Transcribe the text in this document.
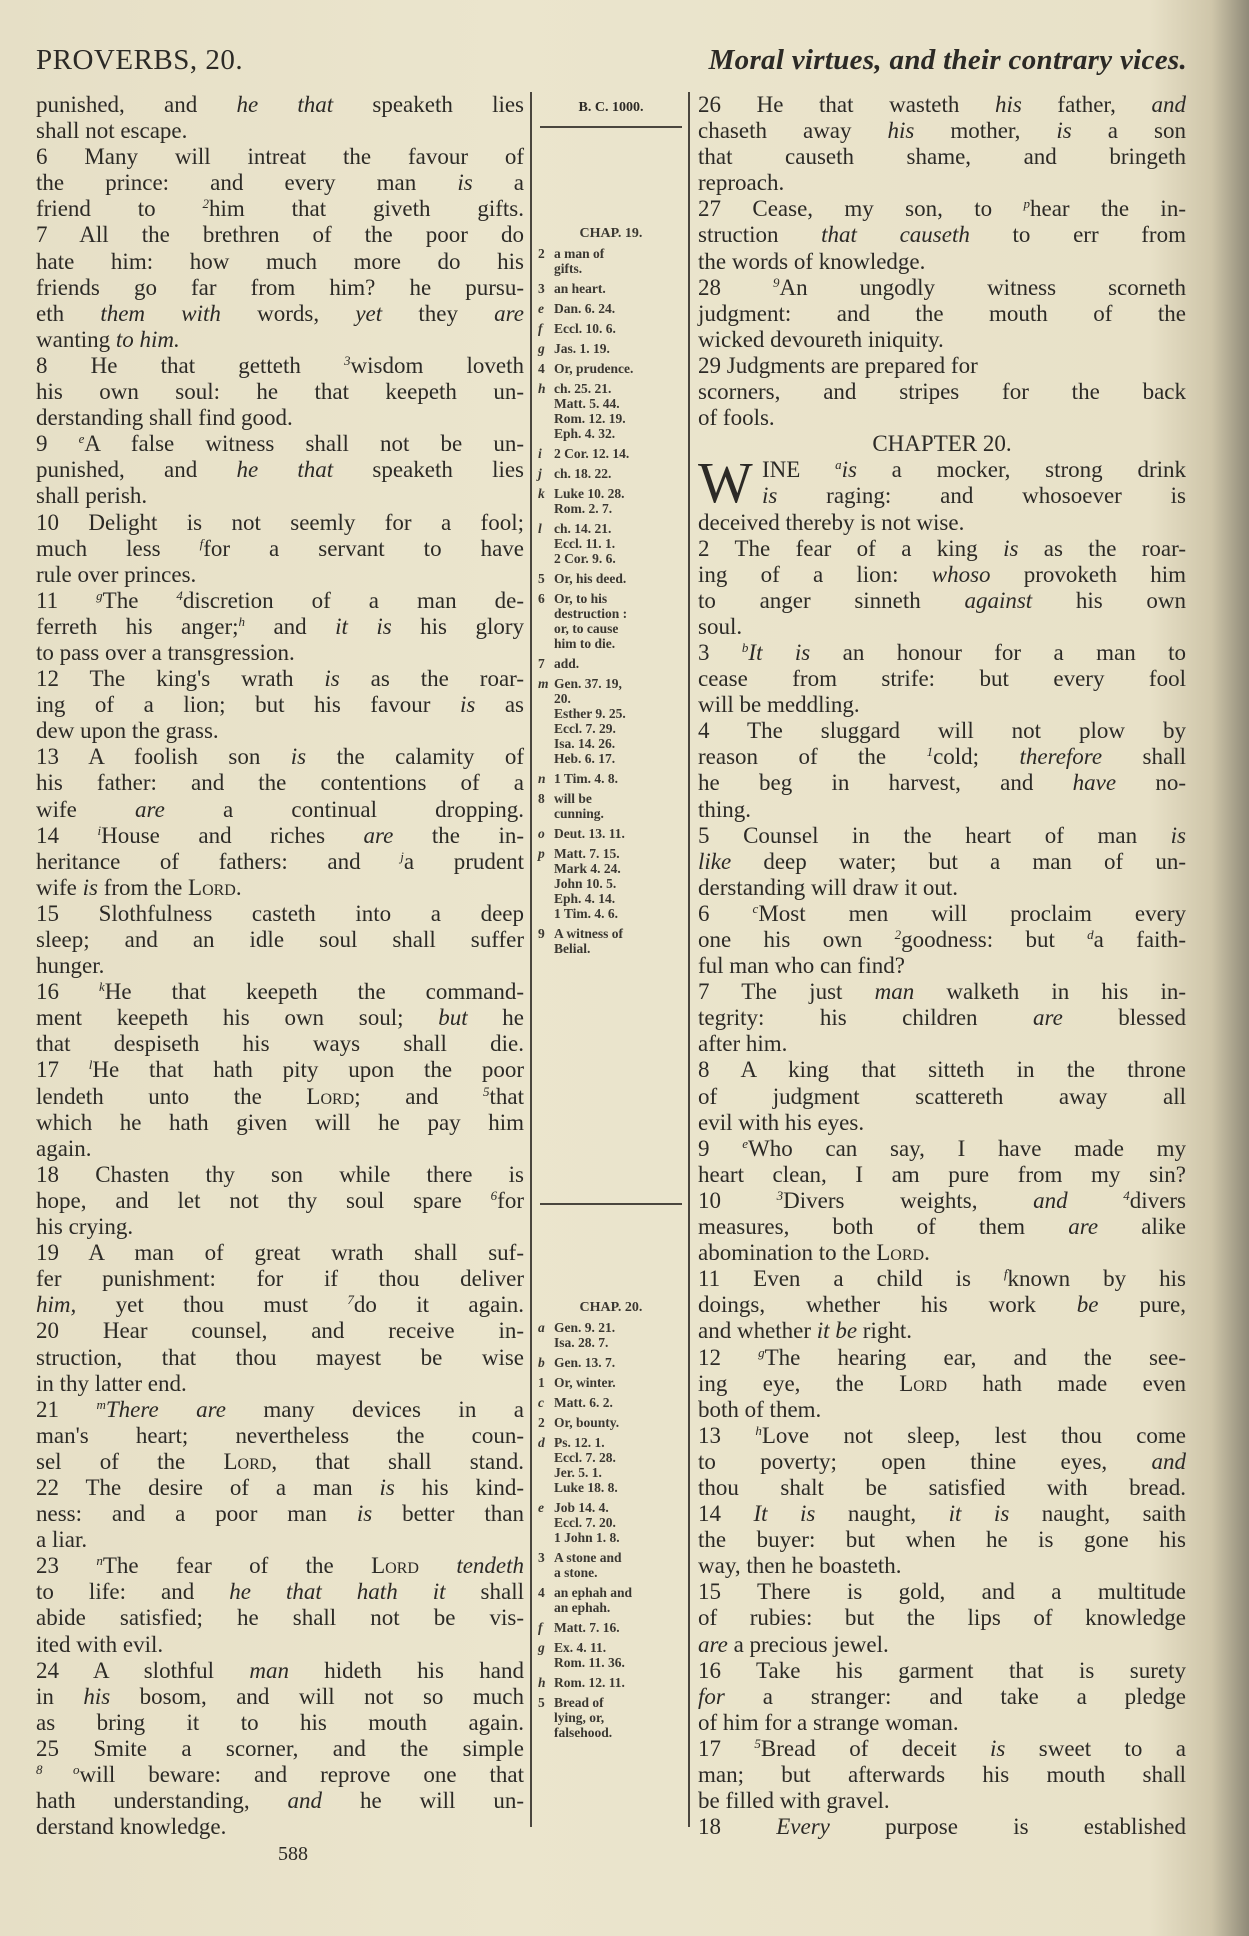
PROVERBS, 20.	Moral virtues, and their contrary vices.
punished, and he that speaketh lies
shall not escape.
6 Many will intreat the favour of
the prince: and every man is a
friend to $^2$him that giveth gifts.
7 All the brethren of the poor do
hate him: how much more do his
friends go far from him? he pursu-
eth them with words, yet they are
wanting to him.
8 He that getteth $^3$wisdom loveth
his own soul: he that keepeth un-
derstanding shall find good.
9 $^e$A false witness shall not be un-
punished, and he that speaketh lies
shall perish.
10 Delight is not seemly for a fool;
much less $^f$for a servant to have
rule over princes.
11 $^g$The $^4$discretion of a man de-
ferreth his anger;$^h$ and it is his glory
to pass over a transgression.
12 The king's wrath is as the roar-
ing of a lion; but his favour is as
dew upon the grass.
13 A foolish son is the calamity of
his father: and the contentions of a
wife are a continual dropping.
14 $^i$House and riches are the in-
heritance of fathers: and $^j$a prudent
wife is from the Lord.
15 Slothfulness casteth into a deep
sleep; and an idle soul shall suffer
hunger.
16 $^k$He that keepeth the command-
ment keepeth his own soul; but he
that despiseth his ways shall die.
17 $^l$He that hath pity upon the poor
lendeth unto the Lord; and $^5$that
which he hath given will he pay him
again.
18 Chasten thy son while there is
hope, and let not thy soul spare $^6$for
his crying.
19 A man of great wrath shall suf-
fer punishment: for if thou deliver
him, yet thou must $^7$do it again.
20 Hear counsel, and receive in-
struction, that thou mayest be wise
in thy latter end.
21 $^m$There are many devices in a
man's heart; nevertheless the coun-
sel of the Lord, that shall stand.
22 The desire of a man is his kind-
ness: and a poor man is better than
a liar.
23 $^n$The fear of the Lord tendeth
to life: and he that hath it shall
abide satisfied; he shall not be vis-
ited with evil.
24 A slothful man hideth his hand
in his bosom, and will not so much
as bring it to his mouth again.
25 Smite a scorner, and the simple
$^{8 o}$will beware: and reprove one that
hath understanding, and he will un-
derstand knowledge.
26 He that wasteth his father, and
chaseth away his mother, is a son
that causeth shame, and bringeth
reproach.
27 Cease, my son, to $^p$hear the in-
struction that causeth to err from
the words of knowledge.
28 $^9$An ungodly witness scorneth
judgment: and the mouth of the
wicked devoureth iniquity.
29 Judgments are prepared for
scorners, and stripes for the back
of fools.
CHAPTER 20.
W INE $^a$is a mocker, strong drink
is raging: and whosoever is
deceived thereby is not wise.
2 The fear of a king is as the roar-
ing of a lion: whoso provoketh him
to anger sinneth against his own
soul.
3 $^b$It is an honour for a man to
cease from strife: but every fool
will be meddling.
4 The sluggard will not plow by
reason of the $^1$cold; therefore shall
he beg in harvest, and have no-
thing.
5 Counsel in the heart of man is
like deep water; but a man of un-
derstanding will draw it out.
6 $^c$Most men will proclaim every
one his own $^2$goodness: but $^d$a faith-
ful man who can find?
7 The just man walketh in his in-
tegrity: his children are blessed
after him.
8 A king that sitteth in the throne
of judgment scattereth away all
evil with his eyes.
9 $^e$Who can say, I have made my
heart clean, I am pure from my sin?
10 $^3$Divers weights, and	$^4$divers
measures, both of them are alike
abomination to the Lord.
11 Even a child is $^f$known by his
doings, whether his work be pure,
and whether it be right.
12 $^g$The hearing ear, and the see-
ing eye, the Lord hath made even
both of them.
13 $^h$Love not sleep, lest thou come
to poverty; open thine eyes, and
thou shalt be satisfied with bread.
14 It is naught, it is naught, saith
the buyer: but when he is gone his
way, then he boasteth.
15 There is gold, and a multitude
of rubies: but the lips of knowledge
are a precious jewel.
16 Take his garment that is surety
for a stranger: and take a pledge
of him for a strange woman.
17 $^5$Bread of deceit is sweet to a
man; but afterwards his mouth shall
be filled with gravel.
18 Every purpose is established
B. C. 1000.
CHAP. 19.
2 a man of
gifts.
3 an heart.
e Dan. 6. 24.
f Eccl. 10. 6.
g Jas. 1. 19.
4 Or, prudence.
h ch. 25. 21.
Matt. 5. 44.
Rom. 12. 19.
Eph. 4. 32.
i 2 Cor. 12. 14.
j ch. 18. 22.
k Luke 10. 28.
Rom. 2. 7.
l ch. 14. 21.
Eccl. 11. 1.
2 Cor. 9. 6.
5 Or, his deed.
6 Or, to his
destruction :
or, to cause
him to die.
7 add.
m Gen. 37. 19,
20.
Esther 9. 25.
Eccl. 7. 29.
Isa. 14. 26.
Heb. 6. 17.
n 1 Tim. 4. 8.
8 will be
cunning.
o Deut. 13. 11.
p Matt. 7. 15.
Mark 4. 24.
John 10. 5.
Eph. 4. 14.
1 Tim. 4. 6.
9 A witness of
Belial.
CHAP. 20.
a Gen. 9. 21.
Isa. 28. 7.
b Gen. 13. 7.
1 Or, winter.
c Matt. 6. 2.
2 Or, bounty.
d Ps. 12. 1.
Eccl. 7. 28.
Jer. 5. 1.
Luke 18. 8.
e Job 14. 4.
Eccl. 7. 20.
1 John 1. 8.
3 A stone and
a stone.
4 an ephah and
an ephah.
f Matt. 7. 16.
g Ex. 4. 11.
Rom. 11. 36.
h Rom. 12. 11.
5 Bread of
lying, or,
falsehood.
588
